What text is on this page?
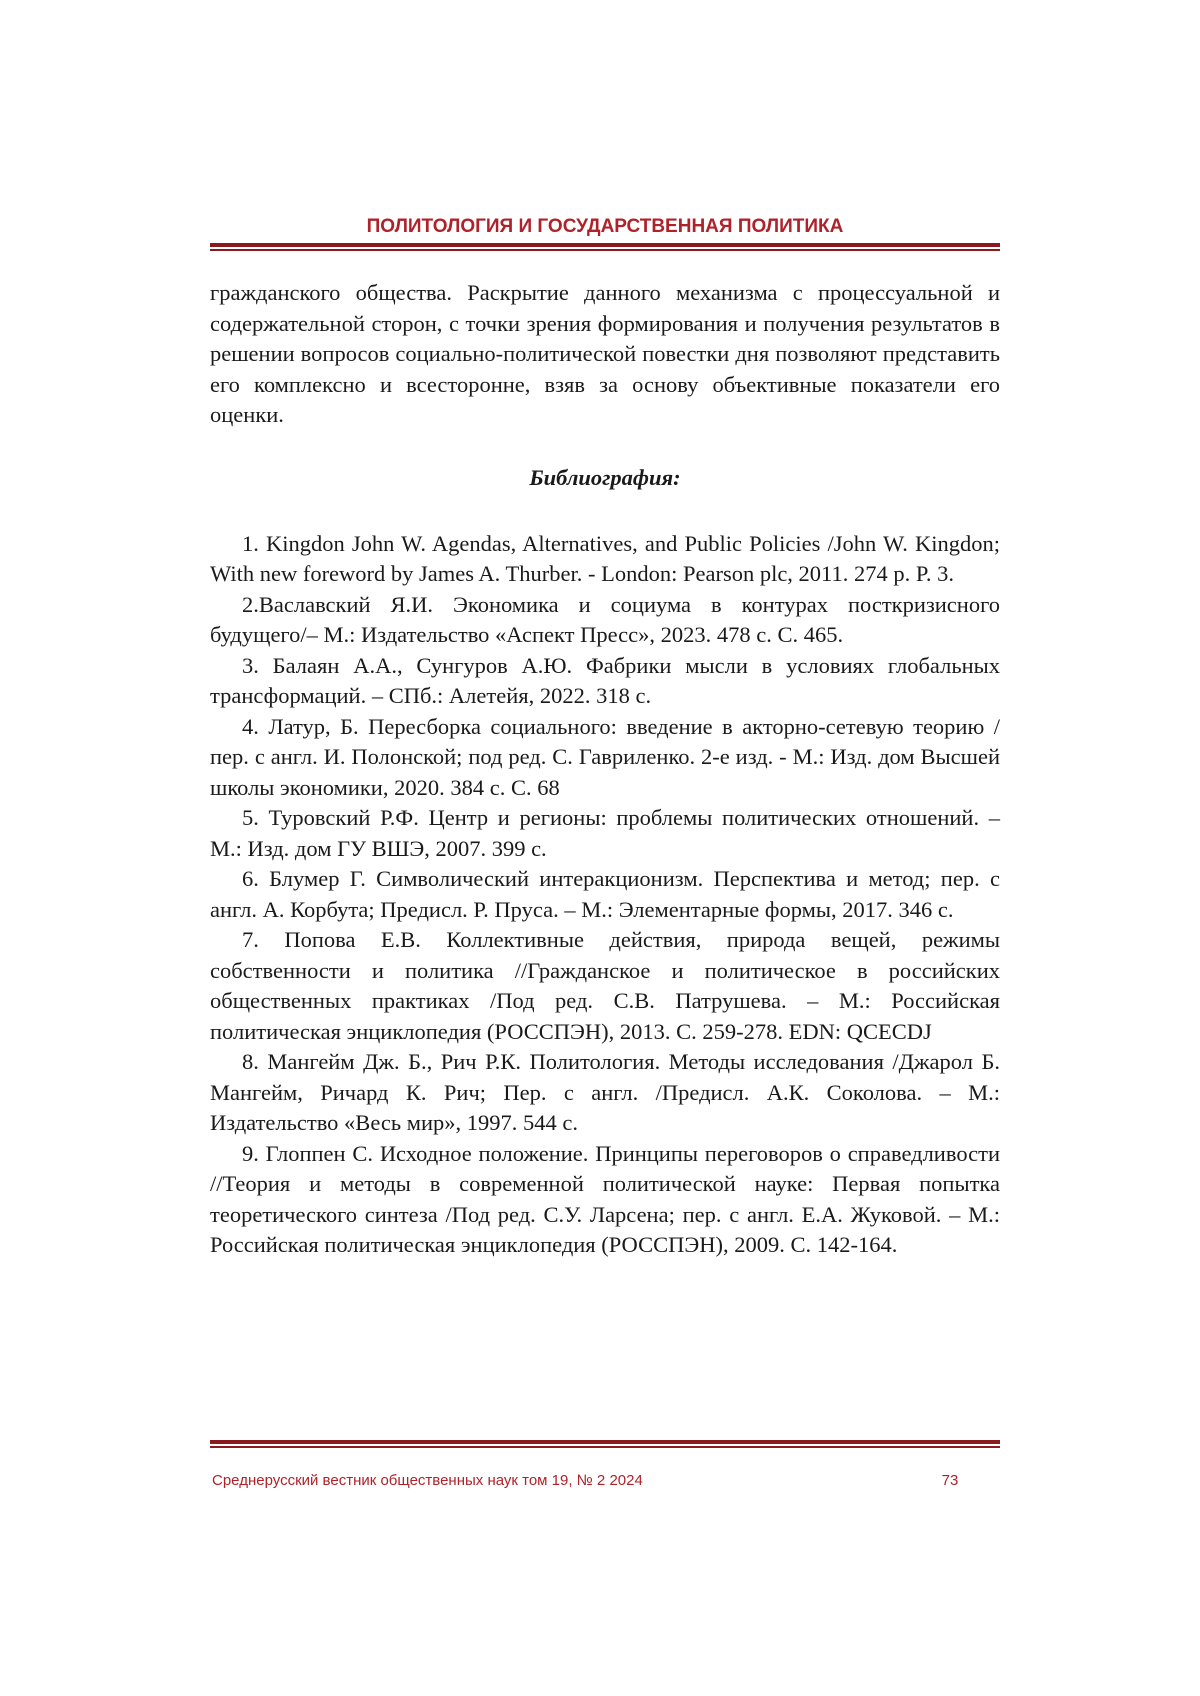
ПОЛИТОЛОГИЯ И ГОСУДАРСТВЕННАЯ ПОЛИТИКА

гражданского общества. Раскрытие данного механизма с процессуальной и содержательной сторон, с точки зрения формирования и получения результатов в решении вопросов социально-политической повестки дня позволяют представить его комплексно и всесторонне, взяв за основу объективные показатели его оценки.

Библиография:

1. Kingdon John W. Agendas, Alternatives, and Public Policies /John W. Kingdon; With new foreword by James A. Thurber. - London: Pearson plc, 2011. 274 p. P. 3.

2.Ваславский Я.И. Экономика и социума в контурах посткризисного будущего/– М.: Издательство «Аспект Пресс», 2023. 478 с. С. 465.

3. Балаян А.А., Сунгуров А.Ю. Фабрики мысли в условиях глобальных трансформаций. – СПб.: Алетейя, 2022. 318 с.

4. Латур, Б. Пересборка социального: введение в акторно-сетевую теорию /пер. с англ. И. Полонской; под ред. С. Гавриленко. 2-е изд. - М.: Изд. дом Высшей школы экономики, 2020. 384 с. С. 68

5. Туровский Р.Ф. Центр и регионы: проблемы политических отношений. – М.: Изд. дом ГУ ВШЭ, 2007. 399 с.

6. Блумер Г. Символический интеракционизм. Перспектива и метод; пер. с англ. А. Корбута; Предисл. Р. Пруса. – М.: Элементарные формы, 2017. 346 с.

7. Попова Е.В. Коллективные действия, природа вещей, режимы собственности и политика //Гражданское и политическое в российских общественных практиках /Под ред. С.В. Патрушева. – М.: Российская политическая энциклопедия (РОССПЭН), 2013. С. 259-278. EDN: QCECDJ

8. Мангейм Дж. Б., Рич Р.К. Политология. Методы исследования /Джарол Б. Мангейм, Ричард К. Рич; Пер. с англ. /Предисл. А.К. Соколова. – М.: Издательство «Весь мир», 1997. 544 с.

9. Глоппен С. Исходное положение. Принципы переговоров о справедливости //Теория и методы в современной политической науке: Первая попытка теоретического синтеза /Под ред. С.У. Ларсена; пер. с англ. Е.А. Жуковой. – М.: Российская политическая энциклопедия (РОССПЭН), 2009. С. 142-164.

Среднерусский вестник общественных наук том 19, № 2 2024	73
